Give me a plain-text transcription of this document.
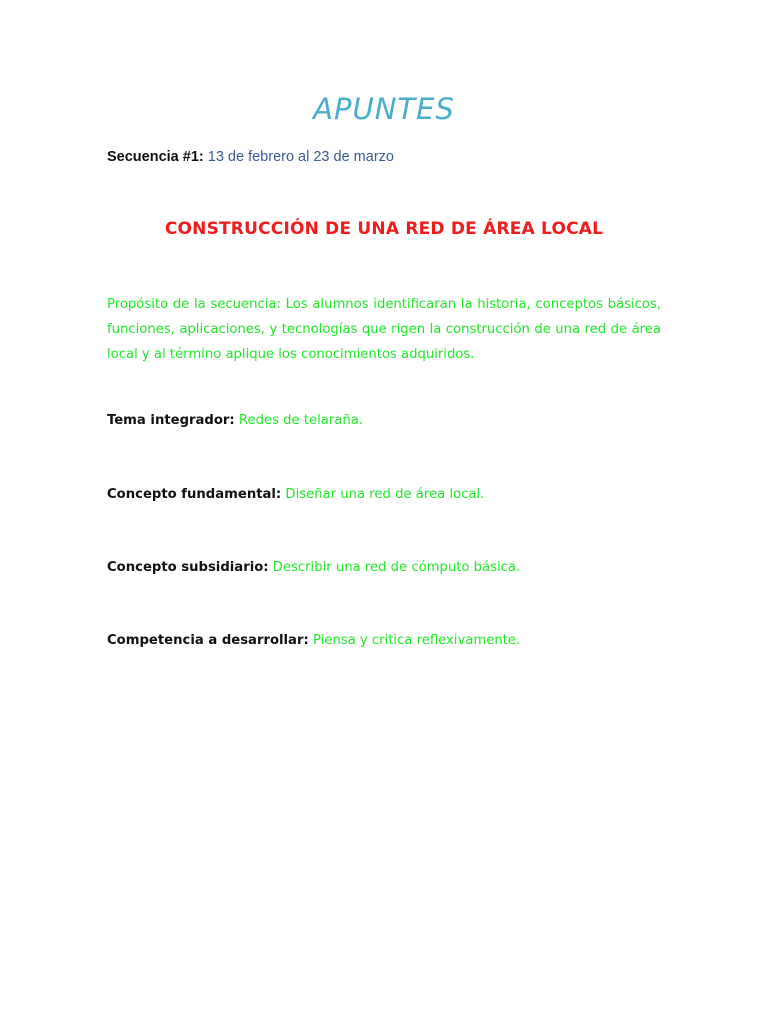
APUNTES
Secuencia #1: 13 de febrero al 23 de marzo
CONSTRUCCIÓN DE UNA RED DE ÁREA LOCAL
Propósito de la secuencia: Los alumnos identificaran la historia, conceptos básicos, funciones, aplicaciones, y tecnologías que rigen la construcción de una red de área local y al término aplique los conocimientos adquiridos.
Tema integrador: Redes de telaraña.
Concepto fundamental: Diseñar una red de área local.
Concepto subsidiario: Describir una red de cómputo básica.
Competencia a desarrollar: Piensa y critica reflexivamente.
